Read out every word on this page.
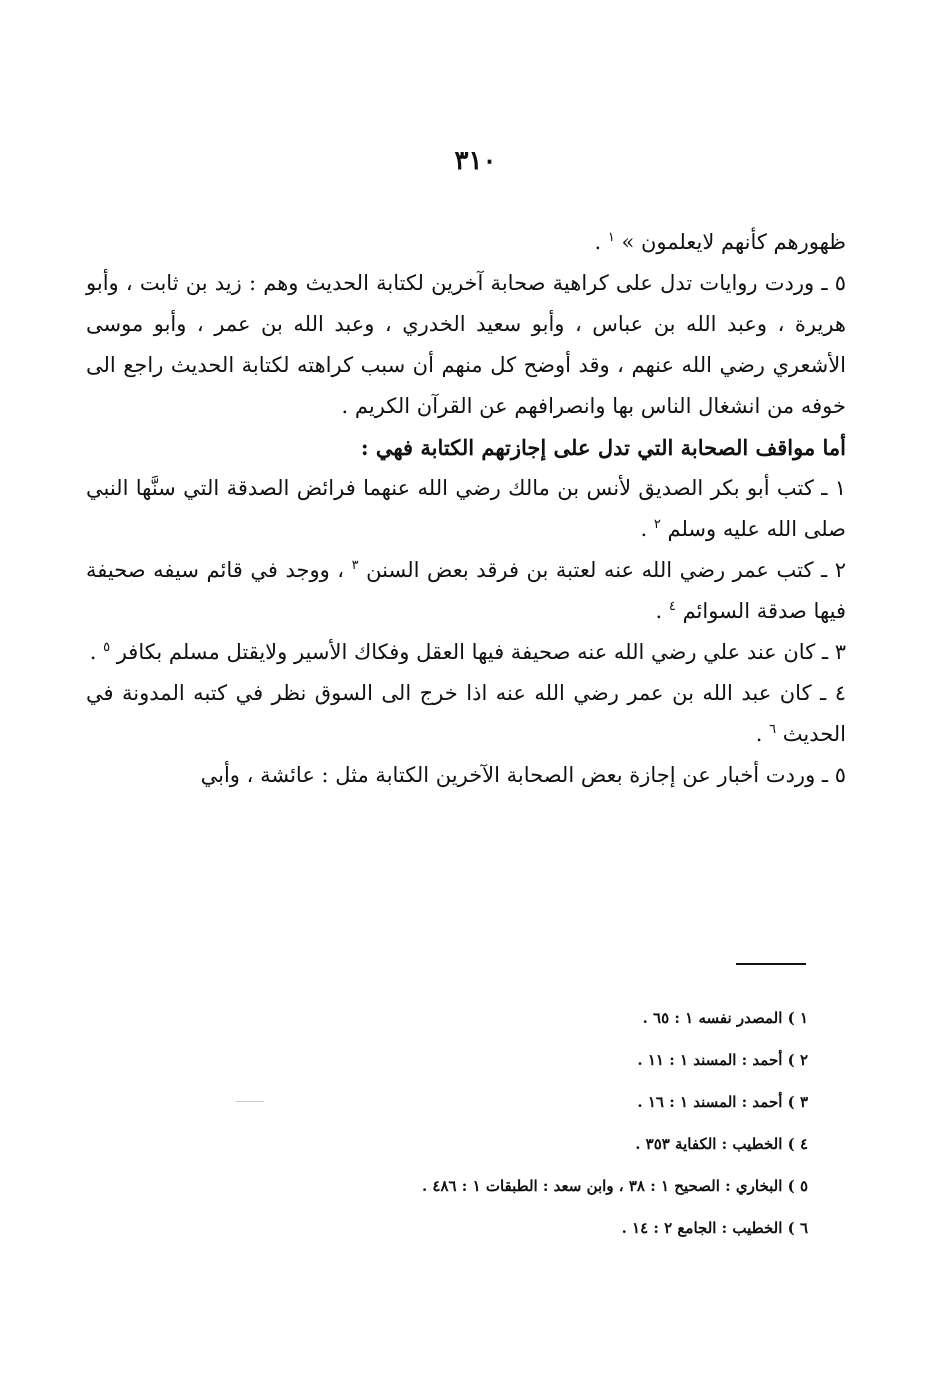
٣١٠

ظهورهم كأنهم لايعلمون » $^١$ .

٥ ـ وردت روايات تدل على كراهية صحابة آخرين لكتابة الحديث وهم : زيد بن ثابت ، وأبو هريرة ، وعبد الله بن عباس ، وأبو سعيد الخدري ، وعبد الله بن عمر ، وأبو موسى الأشعري رضي الله عنهم ، وقد أوضح كل منهم أن سبب كراهته لكتابة الحديث راجع الى خوفه من انشغال الناس بها وانصرافهم عن القرآن الكريم .

أما مواقف الصحابة التي تدل على إجازتهم الكتابة فهي :

١ ـ كتب أبو بكر الصديق لأنس بن مالك رضي الله عنهما فرائض الصدقة التي سنَّها النبي صلى الله عليه وسلم $^٢$ .

٢ ـ كتب عمر رضي الله عنه لعتبة بن فرقد بعض السنن $^٣$ ، ووجد في قائم سيفه صحيفة فيها صدقة السوائم $^٤$ .

٣ ـ كان عند علي رضي الله عنه صحيفة فيها العقل وفكاك الأسير ولايقتل مسلم بكافر $^٥$ .

٤ ـ كان عبد الله بن عمر رضي الله عنه اذا خرج الى السوق نظر في كتبه المدونة في الحديث $^٦$ .

٥ ـ وردت أخبار عن إجازة بعض الصحابة الآخرين الكتابة مثل : عائشة ، وأبي

١ ) المصدر نفسه ١ : ٦٥ .

٢ ) أحمد : المسند ١ : ١١ .

٣ ) أحمد : المسند ١ : ١٦ .

٤ ) الخطيب : الكفاية ٣٥٣ .

٥ ) البخاري : الصحيح ١ : ٣٨ ، وابن سعد : الطبقات ١ : ٤٨٦ .

٦ ) الخطيب : الجامع ٢ : ١٤ .
